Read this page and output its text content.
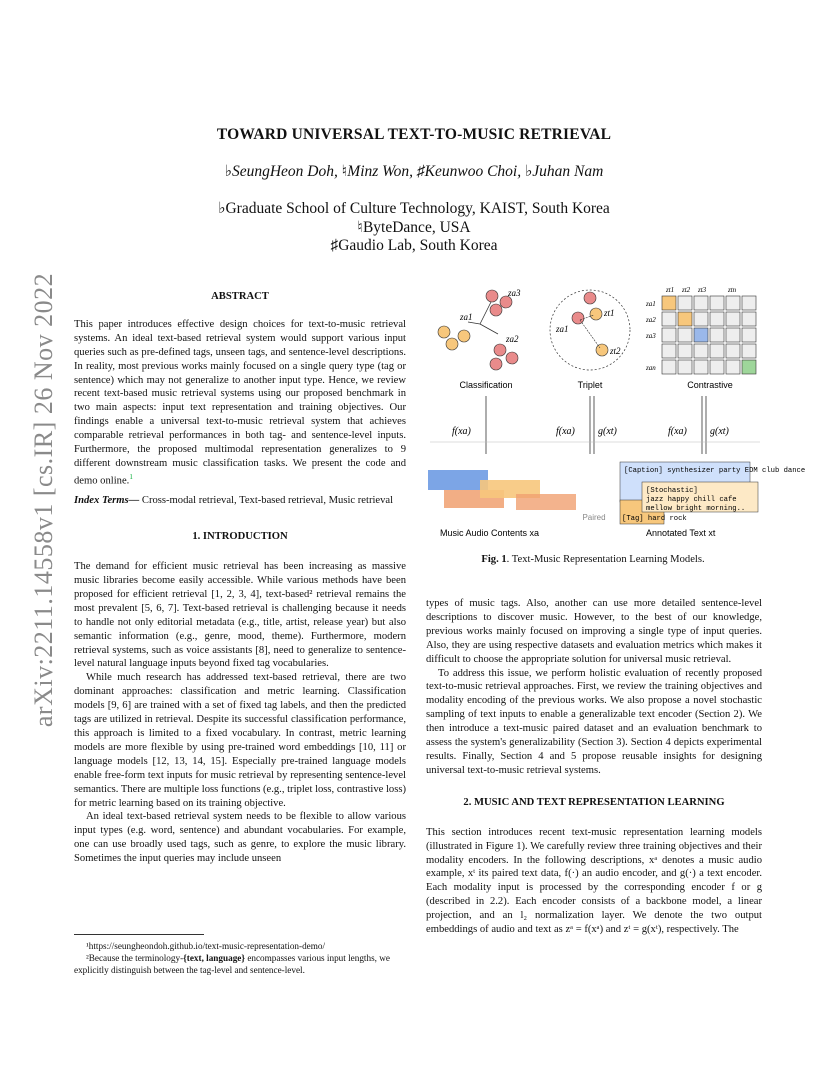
arXiv:2211.14558v1 [cs.IR] 26 Nov 2022
TOWARD UNIVERSAL TEXT-TO-MUSIC RETRIEVAL
♭SeungHeon Doh, ♮Minz Won, ♯Keunwoo Choi, ♭Juhan Nam
♭Graduate School of Culture Technology, KAIST, South Korea
♮ByteDance, USA
♯Gaudio Lab, South Korea

ABSTRACT

This paper introduces effective design choices for text-to-music retrieval systems. An ideal text-based retrieval system would support various input queries such as pre-defined tags, unseen tags, and sentence-level descriptions. In reality, most previous works mainly focused on a single query type (tag or sentence) which may not generalize to another input type. Hence, we review recent text-based music retrieval systems using our proposed benchmark in two main aspects: input text representation and training objectives. Our findings enable a universal text-to-music retrieval system that achieves comparable retrieval performances in both tag- and sentence-level inputs. Furthermore, the proposed multimodal representation generalizes to 9 different downstream music classification tasks. We present the code and demo online.$^1$

Index Terms— Cross-modal retrieval, Text-based retrieval, Music retrieval

1. INTRODUCTION

The demand for efficient music retrieval has been increasing as massive music libraries become easily accessible. While various methods have been proposed for efficient retrieval [1, 2, 3, 4], text-based² retrieval remains the most prevalent [5, 6, 7]. Text-based retrieval is challenging because it needs to handle not only editorial metadata (e.g., title, artist, release year) but also semantic information (e.g., genre, mood, theme). Furthermore, modern retrieval systems, such as voice assistants [8], need to generalize to sentence-level natural language inputs beyond fixed tag vocabularies.

While much research has addressed text-based retrieval, there are two dominant approaches: classification and metric learning. Classification models [9, 6] are trained with a set of fixed tag labels, and then the predicted tags are utilized in retrieval. Despite its successful classification performance, this approach is limited to a fixed vocabulary. In contrast, metric learning models are more flexible by using pre-trained word embeddings [10, 11] or language models [12, 13, 14, 15]. Especially pre-trained language models enable free-form text inputs for music retrieval by representing sentence-level semantics. There are multiple loss functions (e.g., triplet loss, contrastive loss) for metric learning based on its training objective.

An ideal text-based retrieval system needs to be flexible to allow various input types (e.g. word, sentence) and abundant vocabularies. For example, one can use broadly used tags, such as genre, to explore the music library. Sometimes the input queries may include unseen

¹https://seungheondoh.github.io/text-music-representation-demo/
²Because the terminology-{text, language} encompasses various input lengths, we explicitly distinguish between the tag-level and sentence-level.
za3
za1
za2
Classification
za1
zt1
zt2
Triplet
zt1 zt2 zt3	ztn
za1
za2
za3
zan
Contrastive
f(xa)	f(xa) g(xt)	f(xa) g(xt)
Paired
[Caption] synthesizer party EDM club dance
[Tag] hard rock
[Stochastic]
jazz happy chill cafe
mellow bright morning..
Music Audio Contents xa	Annotated Text xt
Fig. 1. Text-Music Representation Learning Models.

types of music tags. Also, another can use more detailed sentence-level descriptions to discover music. However, to the best of our knowledge, previous works mainly focused on improving a single type of input queries. Also, they are using respective datasets and evaluation metrics which makes it difficult to choose the appropriate solution for universal music retrieval.

To address this issue, we perform holistic evaluation of recently proposed text-to-music retrieval approaches. First, we review the training objectives and modality encoding of the previous works. We also propose a novel stochastic sampling of text inputs to enable a generalizable text encoder (Section 2). We then introduce a text-music paired dataset and an evaluation benchmark to assess the system's generalizability (Section 3). Section 4 depicts experimental results. Finally, Section 4 and 5 propose reusable insights for designing universal text-to-music retrieval systems.

2. MUSIC AND TEXT REPRESENTATION LEARNING

This section introduces recent text-music representation learning models (illustrated in Figure 1). We carefully review three training objectives and their modality encoders. In the following descriptions, xᵃ denotes a music audio example, xᵗ its paired text data, f(·) an audio encoder, and g(·) a text encoder. Each modality input is processed by the corresponding encoder f or g (described in 2.2). Each encoder consists of a backbone model, a linear projection, and an l₂ normalization layer. We denote the two output embeddings of audio and text as zᵃ = f(xᵃ) and zᵗ = g(xᵗ), respectively. The
